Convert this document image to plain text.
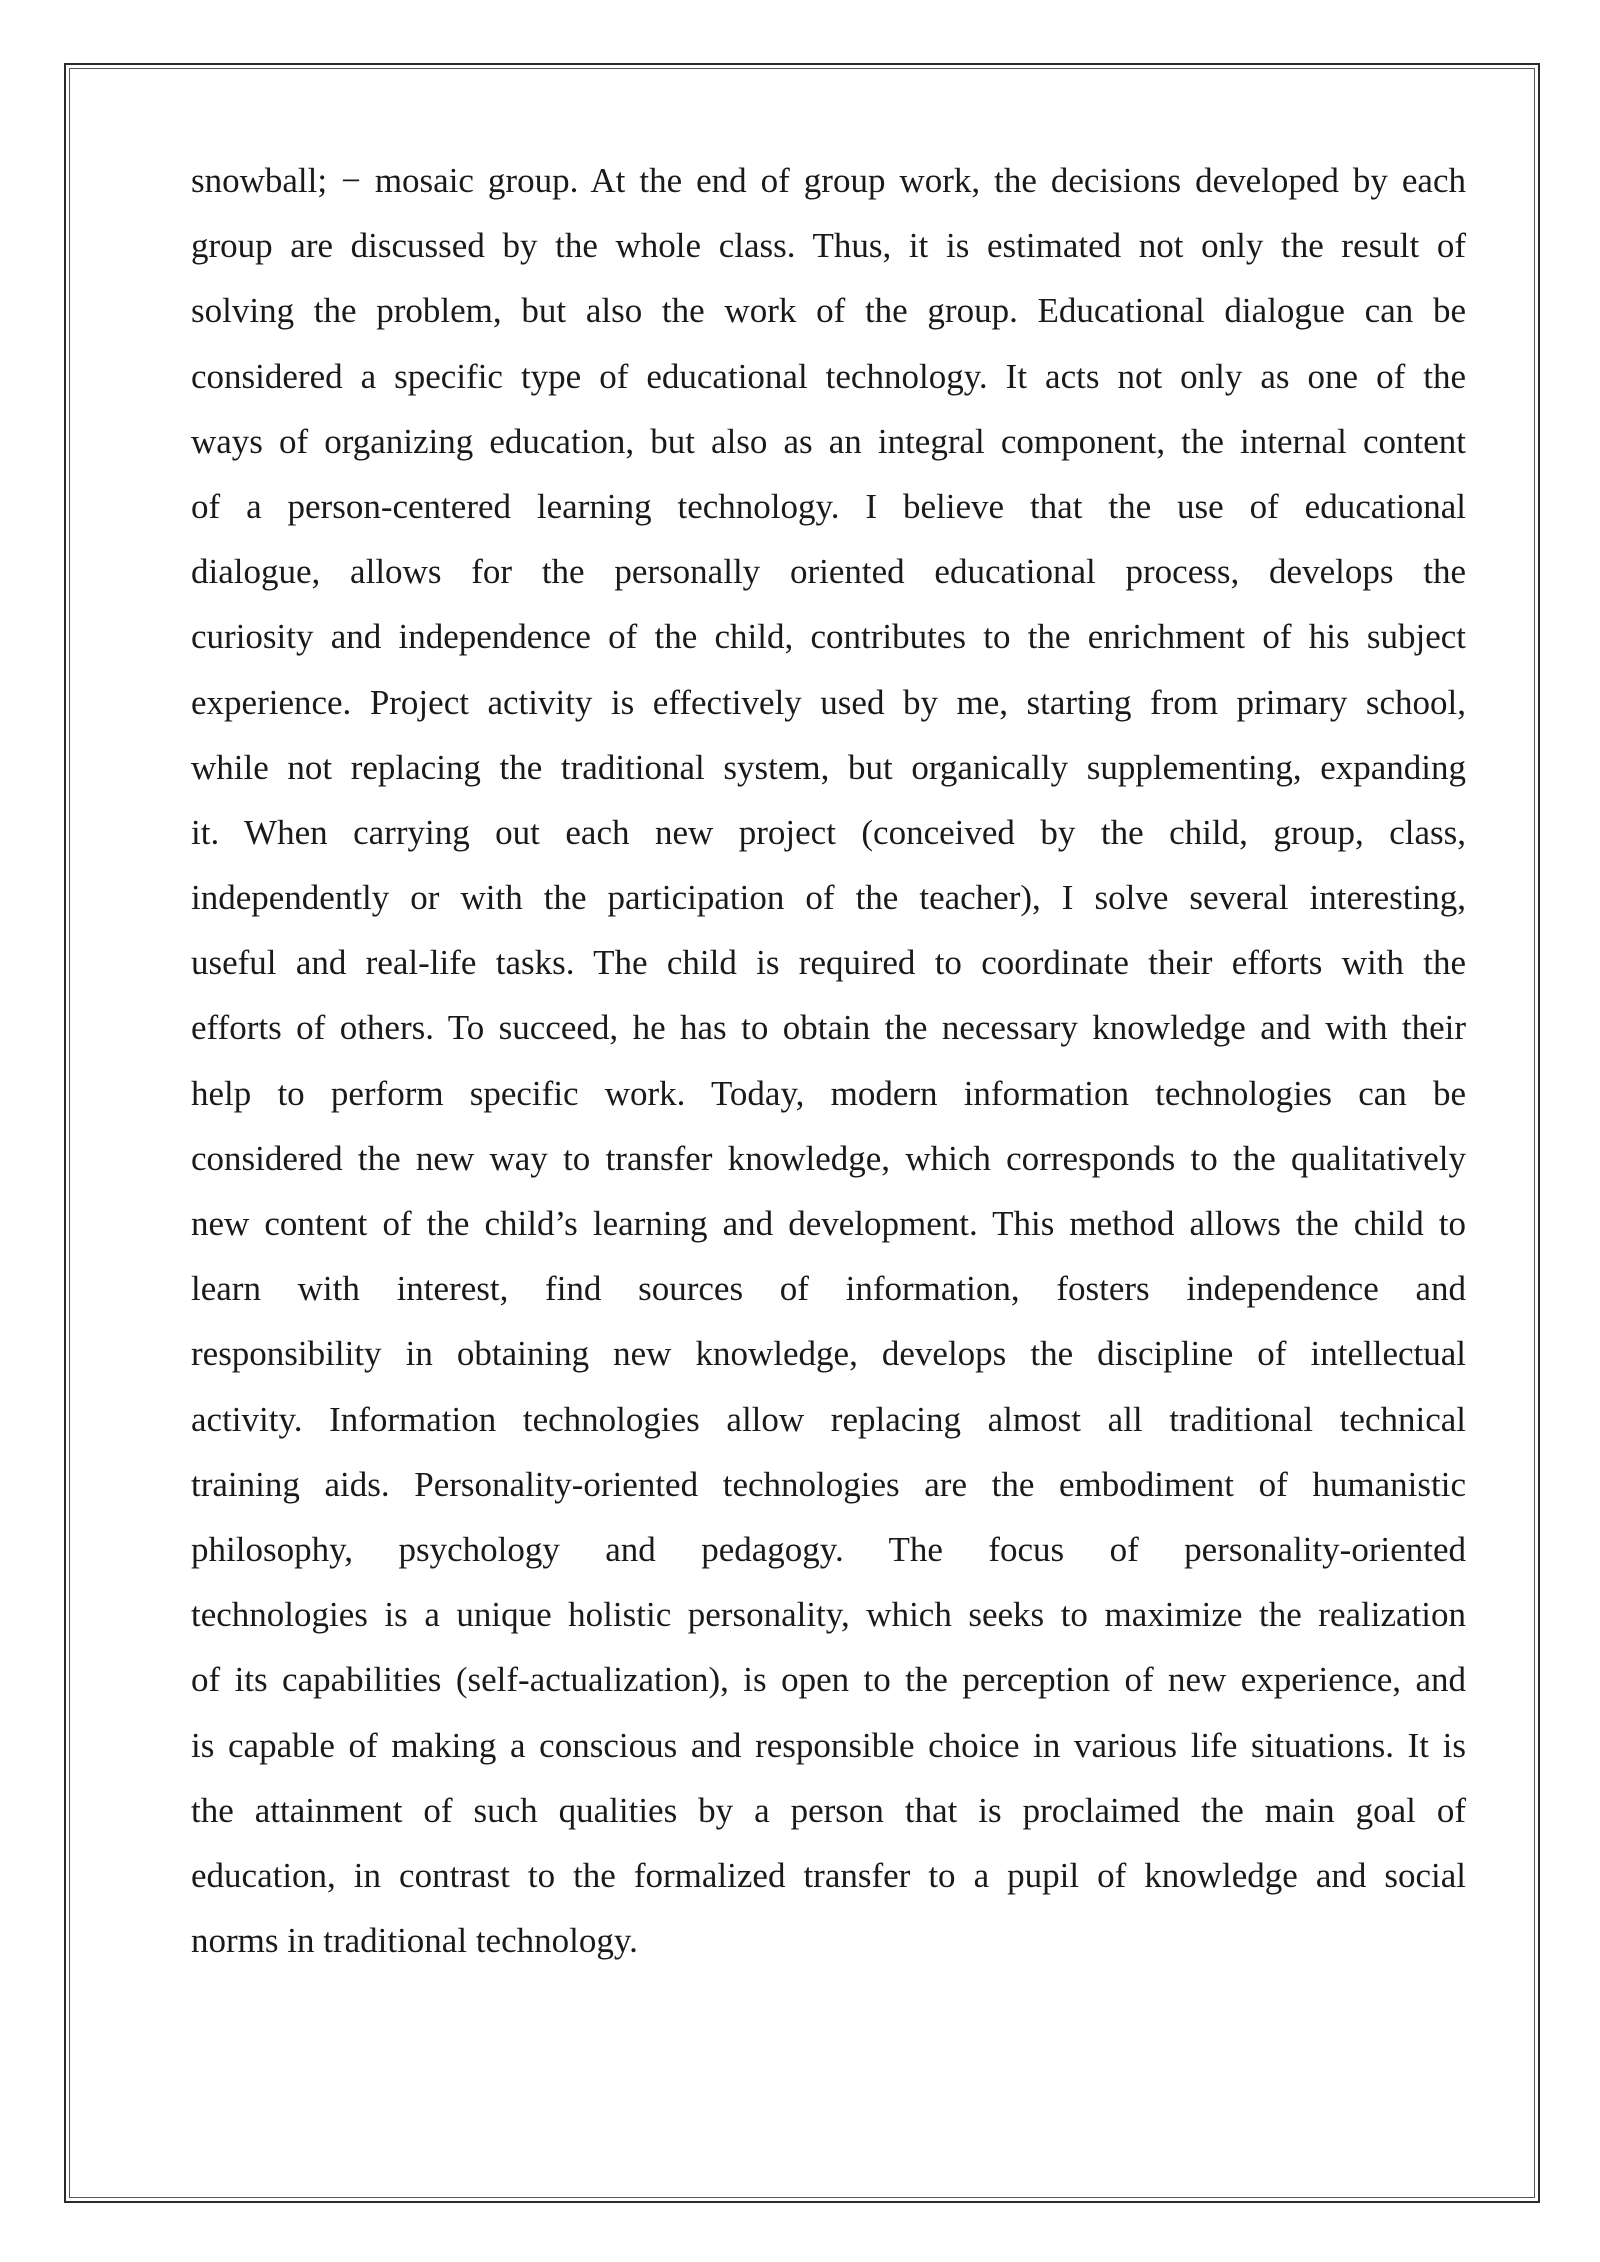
snowball; − mosaic group. At the end of group work, the decisions developed by each
group are discussed by the whole class. Thus, it is estimated not only the result of
solving the problem, but also the work of the group. Educational dialogue can be
considered a specific type of educational technology. It acts not only as one of the
ways of organizing education, but also as an integral component, the internal content
of a person-centered learning technology. I believe that the use of educational
dialogue, allows for the personally oriented educational process, develops the
curiosity and independence of the child, contributes to the enrichment of his subject
experience. Project activity is effectively used by me, starting from primary school,
while not replacing the traditional system, but organically supplementing, expanding
it. When carrying out each new project (conceived by the child, group, class,
independently or with the participation of the teacher), I solve several interesting,
useful and real-life tasks. The child is required to coordinate their efforts with the
efforts of others. To succeed, he has to obtain the necessary knowledge and with their
help to perform specific work. Today, modern information technologies can be
considered the new way to transfer knowledge, which corresponds to the qualitatively
new content of the child’s learning and development. This method allows the child to
learn with interest, find sources of information, fosters independence and
responsibility in obtaining new knowledge, develops the discipline of intellectual
activity. Information technologies allow replacing almost all traditional technical
training aids. Personality-oriented technologies are the embodiment of humanistic
philosophy, psychology and pedagogy. The focus of personality-oriented
technologies is a unique holistic personality, which seeks to maximize the realization
of its capabilities (self-actualization), is open to the perception of new experience, and
is capable of making a conscious and responsible choice in various life situations. It is
the attainment of such qualities by a person that is proclaimed the main goal of
education, in contrast to the formalized transfer to a pupil of knowledge and social
norms in traditional technology.
